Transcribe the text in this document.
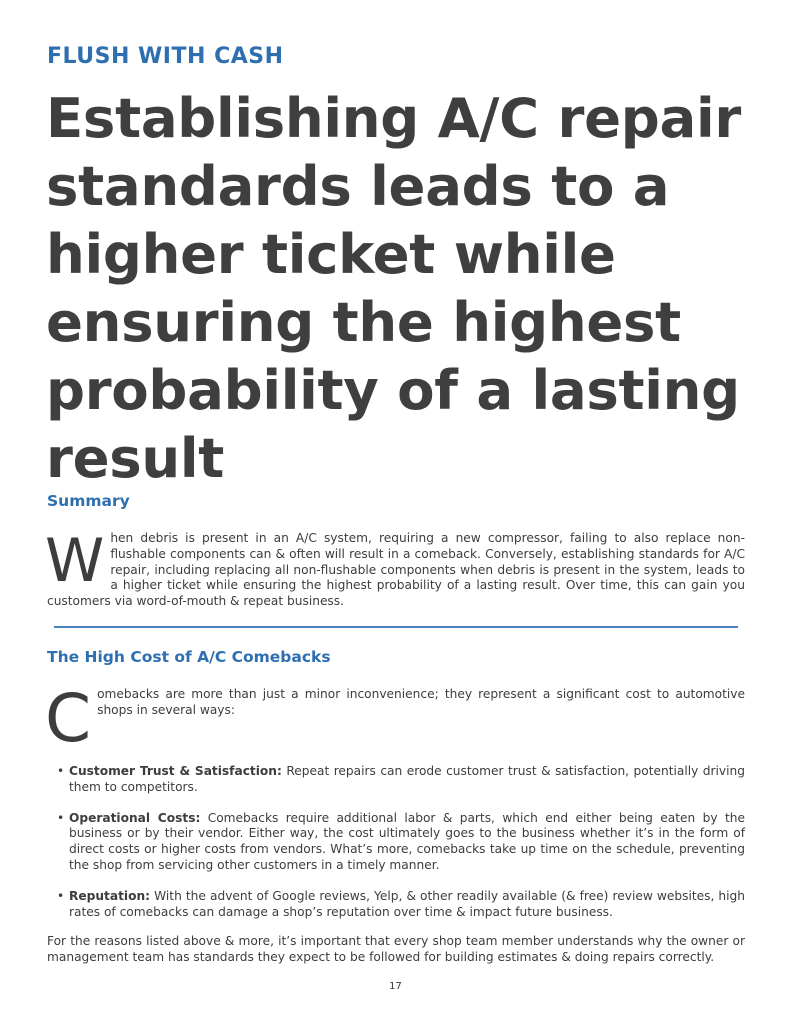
FLUSH WITH CASH
Establishing A/C repair standards leads to a higher ticket while ensuring the highest probability of a lasting result
Summary
When debris is present in an A/C system, requiring a new compressor, failing to also replace non-flushable components can & often will result in a comeback. Conversely, establishing standards for A/C repair, including replacing all non-flushable components when debris is present in the system, leads to a higher ticket while ensuring the highest probability of a lasting result. Over time, this can gain you customers via word-of-mouth & repeat business.
The High Cost of A/C Comebacks
Comebacks are more than just a minor inconvenience; they represent a significant cost to automotive shops in several ways:
• Customer Trust & Satisfaction: Repeat repairs can erode customer trust & satisfaction, potentially driving them to competitors.
• Operational Costs: Comebacks require additional labor & parts, which end either being eaten by the business or by their vendor. Either way, the cost ultimately goes to the business whether it’s in the form of direct costs or higher costs from vendors. What’s more, comebacks take up time on the schedule, preventing the shop from servicing other customers in a timely manner.
• Reputation: With the advent of Google reviews, Yelp, & other readily available (& free) review websites, high rates of comebacks can damage a shop’s reputation over time & impact future business.
For the reasons listed above & more, it’s important that every shop team member understands why the owner or management team has standards they expect to be followed for building estimates & doing repairs correctly.
17
